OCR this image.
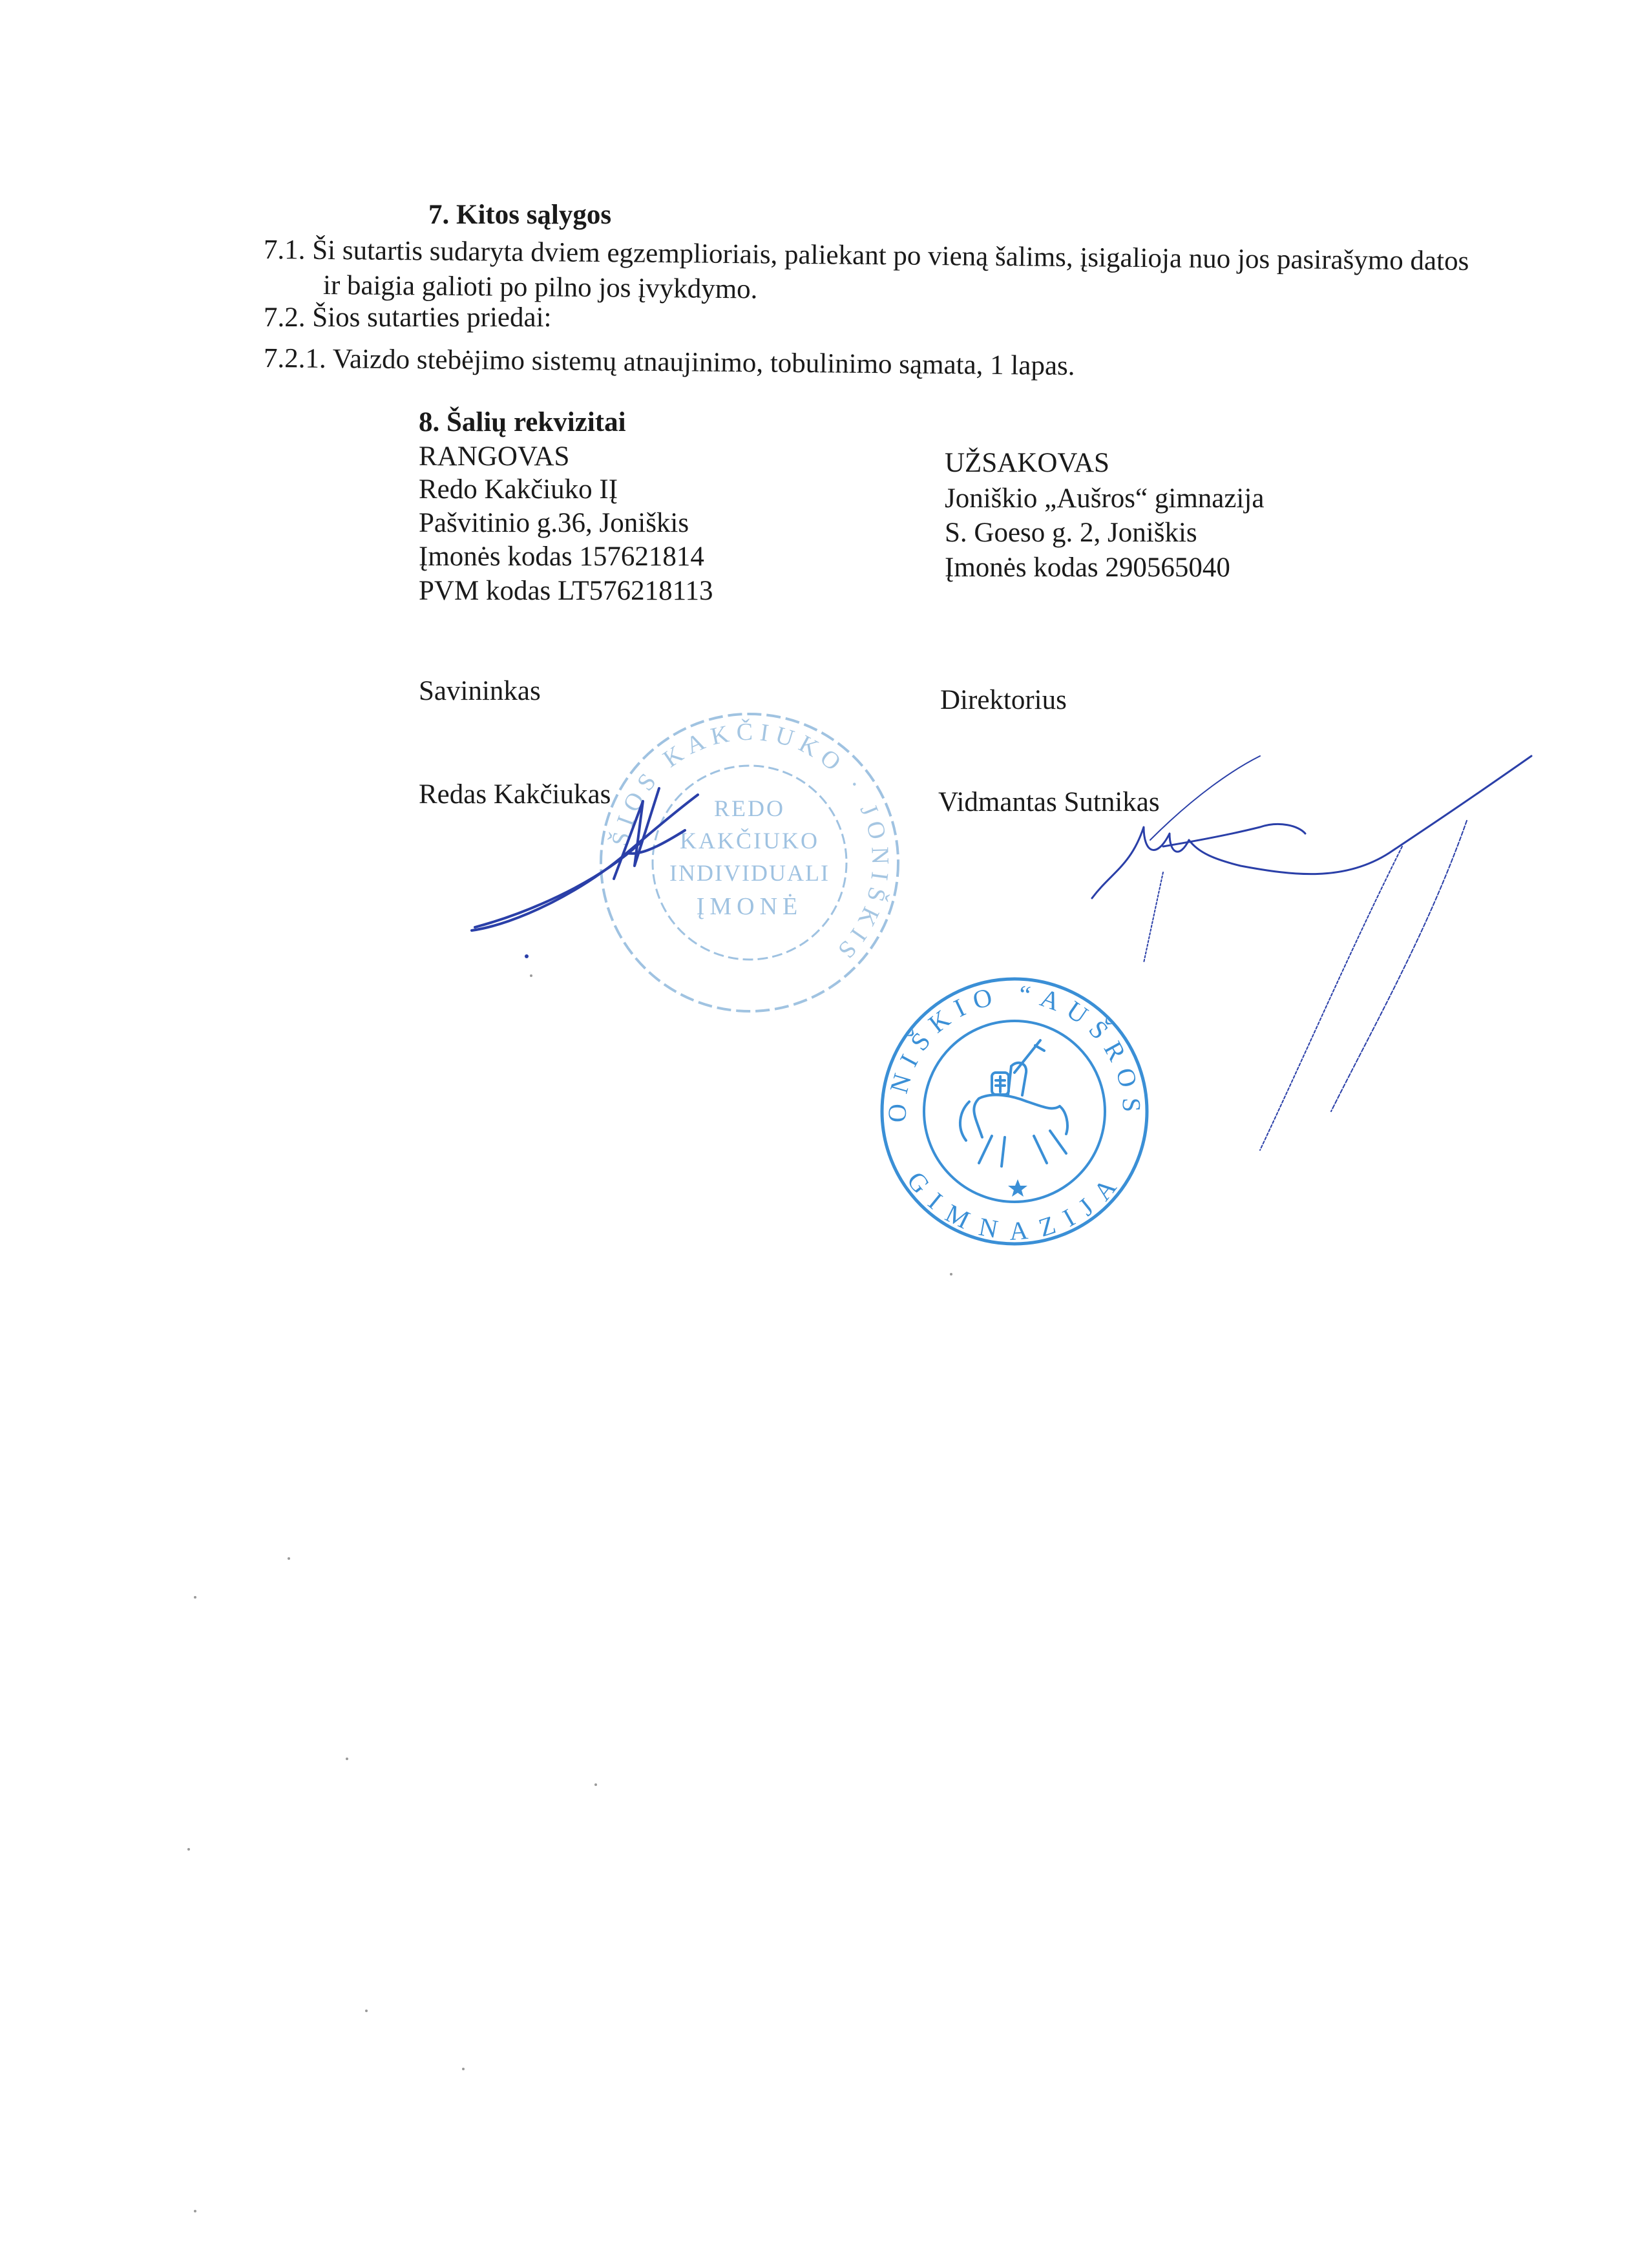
7. Kitos sąlygos
7.1. Ši sutartis sudaryta dviem egzemplioriais, paliekant po vieną šalims, įsigalioja nuo jos pasirašymo datos
ir baigia galioti po pilno jos įvykdymo.
7.2. Šios sutarties priedai:
7.2.1. Vaizdo stebėjimo sistemų atnaujinimo, tobulinimo sąmata, 1 lapas.
8. Šalių rekvizitai
RANGOVAS
Redo Kakčiuko IĮ
Pašvitinio g.36, Joniškis
Įmonės kodas 157621814
PVM kodas LT576218113
Savininkas
Redas Kakčiukas
UŽSAKOVAS
Joniškio „Aušros“ gimnazija
S. Goeso g. 2, Joniškis
Įmonės kodas 290565040
Direktorius
Vidmantas Sutnikas
ŠIOS KAKČIUKO · JONIŠKIS
REDO
KAKČIUKO
INDIVIDUALI
ĮMONĖ
JONIŠKIO “AUŠROS”
GIMNAZIJA
